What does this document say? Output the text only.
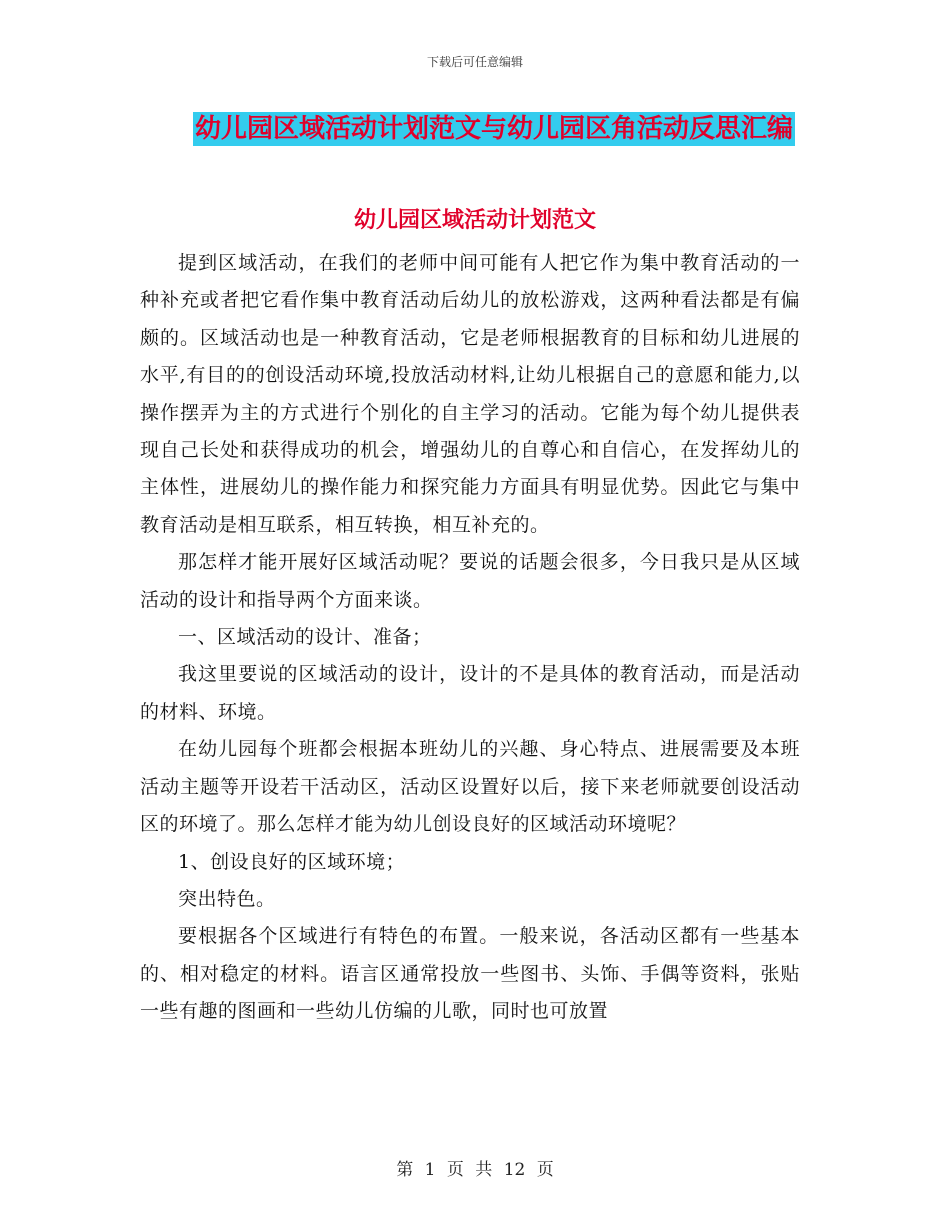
下载后可任意编辑
幼儿园区域活动计划范文与幼儿园区角活动反思汇编
幼儿园区域活动计划范文

提到区域活动，在我们的老师中间可能有人把它作为集中教育活动的一种补充或者把它看作集中教育活动后幼儿的放松游戏，这两种看法都是有偏颇的。区域活动也是一种教育活动，它是老师根据教育的目标和幼儿进展的水平,有目的的创设活动环境,投放活动材料,让幼儿根据自己的意愿和能力,以操作摆弄为主的方式进行个别化的自主学习的活动。它能为每个幼儿提供表现自己长处和获得成功的机会，增强幼儿的自尊心和自信心，在发挥幼儿的主体性，进展幼儿的操作能力和探究能力方面具有明显优势。因此它与集中教育活动是相互联系，相互转换，相互补充的。

那怎样才能开展好区域活动呢？要说的话题会很多，今日我只是从区域活动的设计和指导两个方面来谈。

一、区域活动的设计、准备；

我这里要说的区域活动的设计，设计的不是具体的教育活动，而是活动的材料、环境。

在幼儿园每个班都会根据本班幼儿的兴趣、身心特点、进展需要及本班活动主题等开设若干活动区，活动区设置好以后，接下来老师就要创设活动区的环境了。那么怎样才能为幼儿创设良好的区域活动环境呢？

1、创设良好的区域环境；

突出特色。

要根据各个区域进行有特色的布置。一般来说，各活动区都有一些基本的、相对稳定的材料。语言区通常投放一些图书、头饰、手偶等资料，张贴一些有趣的图画和一些幼儿仿编的儿歌，同时也可放置

第 1 页 共 12 页
